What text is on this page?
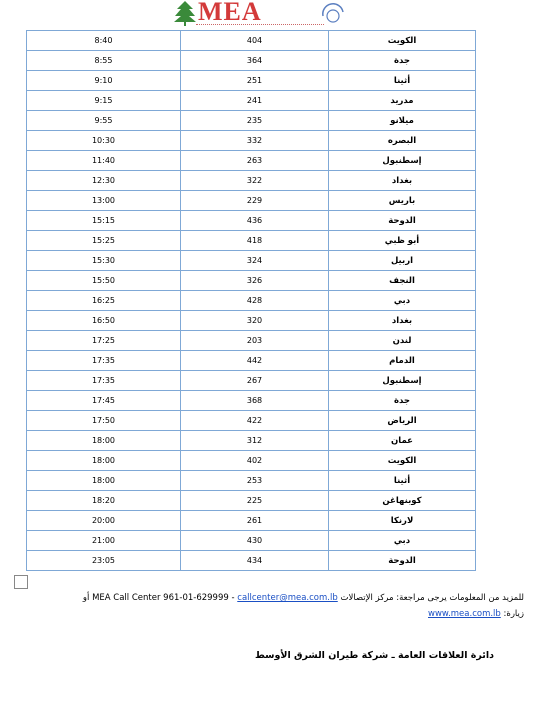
MEA
8:40	404	الكويت
8:55	364	جدة
9:10	251	أثينا
9:15	241	مدريد
9:55	235	ميلانو
10:30	332	البصره
11:40	263	إسطنبول
12:30	322	بغداد
13:00	229	باريس
15:15	436	الدوحة
15:25	418	أبو ظبي
15:30	324	اربيل
15:50	326	النجف
16:25	428	دبي
16:50	320	بغداد
17:25	203	لندن
17:35	442	الدمام
17:35	267	إسطنبول
17:45	368	جدة
17:50	422	الرياض
18:00	312	عمان
18:00	402	الكويت
18:00	253	أثينا
18:20	225	كوبنهاغن
20:00	261	لارنكا
21:00	430	دبي
23:05	434	الدوحة
للمزيد من المعلومات يرجى مراجعة: مركز الإتصالات MEA Call Center 961-01-629999 - callcenter@mea.com.lb أو
زيارة: www.mea.com.lb
دائرة العلاقات العامة ـ شركة طيران الشرق الأوسط
